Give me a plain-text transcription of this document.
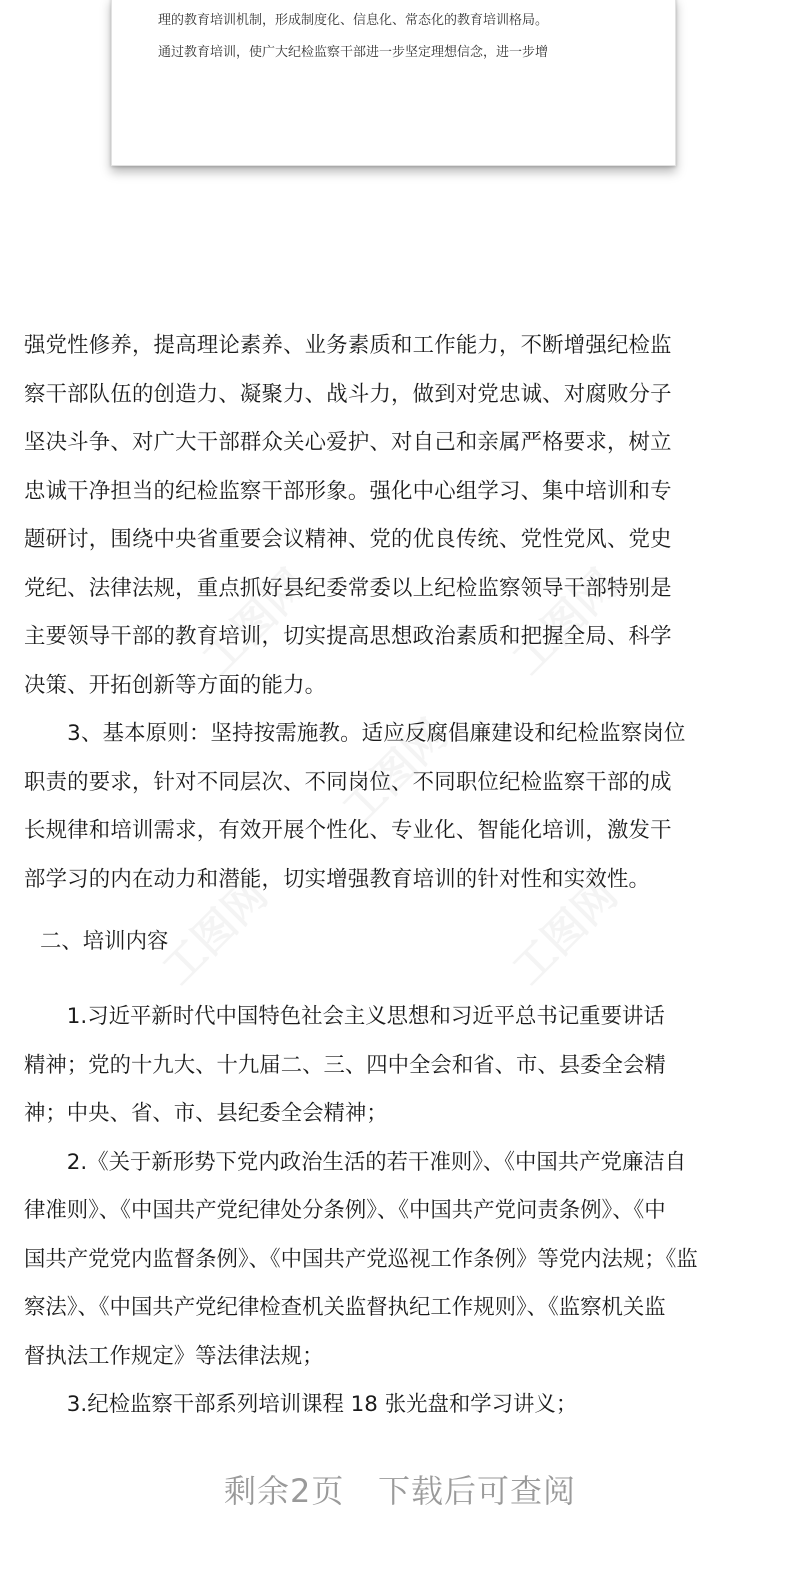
理的教育培训机制，形成制度化、信息化、常态化的教育培训格局。
通过教育培训，使广大纪检监察干部进一步坚定理想信念，进一步增
工图网	工图网
工图网
工图网	工图网
强党性修养，提高理论素养、业务素质和工作能力，不断增强纪检监
察干部队伍的创造力、凝聚力、战斗力，做到对党忠诚、对腐败分子
坚决斗争、对广大干部群众关心爱护、对自己和亲属严格要求，树立
忠诚干净担当的纪检监察干部形象。强化中心组学习、集中培训和专
题研讨，围绕中央省重要会议精神、党的优良传统、党性党风、党史
党纪、法律法规，重点抓好县纪委常委以上纪检监察领导干部特别是
主要领导干部的教育培训，切实提高思想政治素质和把握全局、科学
决策、开拓创新等方面的能力。
　　3、基本原则：坚持按需施教。适应反腐倡廉建设和纪检监察岗位
职责的要求，针对不同层次、不同岗位、不同职位纪检监察干部的成
长规律和培训需求，有效开展个性化、专业化、智能化培训，激发干
部学习的内在动力和潜能，切实增强教育培训的针对性和实效性。
二、培训内容
　　1.习近平新时代中国特色社会主义思想和习近平总书记重要讲话
精神；党的十九大、十九届二、三、四中全会和省、市、县委全会精
神；中央、省、市、县纪委全会精神；
　　2.《关于新形势下党内政治生活的若干准则》、《中国共产党廉洁自
律准则》、《中国共产党纪律处分条例》、《中国共产党问责条例》、《中
国共产党党内监督条例》、《中国共产党巡视工作条例》等党内法规；《监
察法》、《中国共产党纪律检查机关监督执纪工作规则》、《监察机关监
督执法工作规定》等法律法规；
　　3.纪检监察干部系列培训课程 18 张光盘和学习讲义；
剩余2页 下载后可查阅
